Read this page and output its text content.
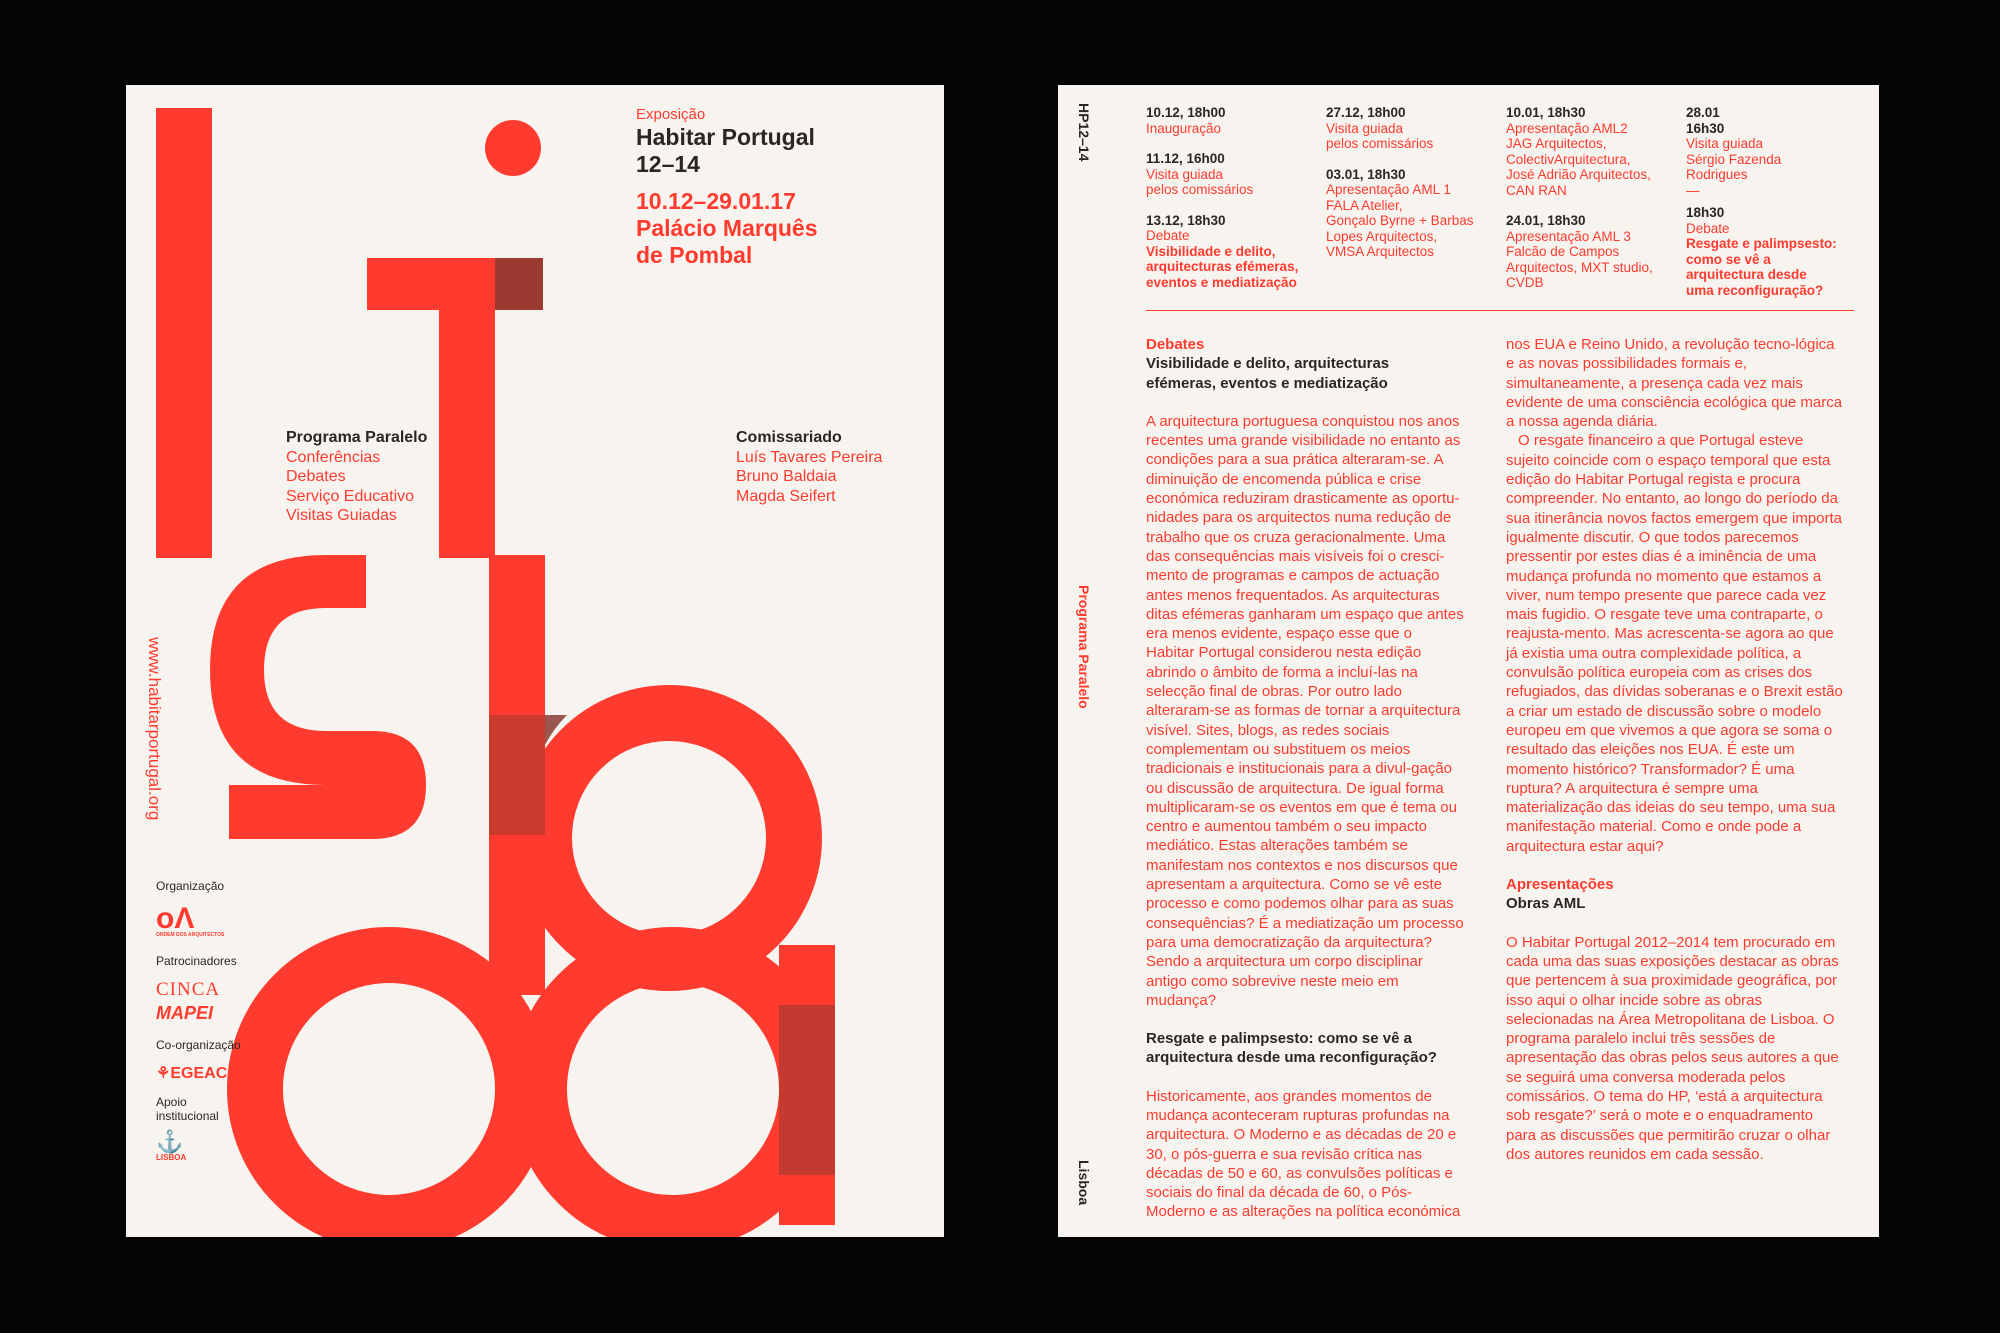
Exposição
Habitar Portugal
12–14
10.12–29.01.17
Palácio Marquês
de Pombal
Programa Paralelo
Conferências
Debates
Serviço Educativo
Visitas Guiadas
Comissariado
Luís Tavares Pereira
Bruno Baldaia
Magda Seifert
www.habitarportugal.org
Organização
oΛ
ORDEM DOS ARQUITECTOS
Patrocinadores
CINCA
MAPEI
Co-organização
⚘EGEAC
Apoio
institucional
⚓
LISBOA
HP12–14
Programa Paralelo
Lisboa
10.12, 18h00
Inauguração
11.12, 16h00
Visita guiada
pelos comissários
13.12, 18h30
Debate
Visibilidade e delito,
arquitecturas efémeras,
eventos e mediatização
27.12, 18h00
Visita guiada
pelos comissários
03.01, 18h30
Apresentação AML 1
FALA Atelier,
Gonçalo Byrne + Barbas
Lopes Arquitectos,
VMSA Arquitectos
10.01, 18h30
Apresentação AML2
JAG Arquitectos,
ColectivArquitectura,
José Adrião Arquitectos,
CAN RAN
24.01, 18h30
Apresentação AML 3
Falcão de Campos
Arquitectos, MXT studio,
CVDB
28.01
16h30
Visita guiada
Sérgio Fazenda
Rodrigues
—
18h30
Debate
Resgate e palimpsesto:
como se vê a
arquitectura desde
uma reconfiguração?
Debates
Visibilidade e delito, arquitecturas
efémeras, eventos e mediatização

A arquitectura portuguesa conquistou nos anos recentes uma grande visibilidade no entanto as condições para a sua prática alteraram-se. A diminuição de encomenda pública e crise económica reduziram drasticamente as oportu-nidades para os arquitectos numa redução de trabalho que os cruza geracionalmente. Uma das consequências mais visíveis foi o cresci-mento de programas e campos de actuação antes menos frequentados. As arquitecturas ditas efémeras ganharam um espaço que antes era menos evidente, espaço esse que o Habitar Portugal considerou nesta edição abrindo o âmbito de forma a incluí-las na selecção final de obras. Por outro lado alteraram-se as formas de tornar a arquitectura visível. Sites, blogs, as redes sociais complementam ou substituem os meios tradicionais e institucionais para a divul-gação ou discussão de arquitectura. De igual forma multiplicaram-se os eventos em que é tema ou centro e aumentou também o seu impacto mediático. Estas alterações também se manifestam nos contextos e nos discursos que apresentam a arquitectura. Como se vê este processo e como podemos olhar para as suas consequências? É a mediatização um processo para uma democratização da arquitectura? Sendo a arquitectura um corpo disciplinar antigo como sobrevive neste meio em mudança?

Resgate e palimpsesto: como se vê a
arquitectura desde uma reconfiguração?

Historicamente, aos grandes momentos de mudança aconteceram rupturas profundas na arquitectura. O Moderno e as décadas de 20 e 30, o pós-guerra e sua revisão crítica nas décadas de 50 e 60, as convulsões políticas e sociais do final da década de 60, o Pós-Moderno e as alterações na política económica

nos EUA e Reino Unido, a revolução tecno-lógica e as novas possibilidades formais e, simultaneamente, a presença cada vez mais evidente de uma consciência ecológica que marca a nossa agenda diária.

O resgate financeiro a que Portugal esteve sujeito coincide com o espaço temporal que esta edição do Habitar Portugal regista e procura compreender. No entanto, ao longo do período da sua itinerância novos factos emergem que importa igualmente discutir. O que todos parecemos pressentir por estes dias é a iminência de uma mudança profunda no momento que estamos a viver, num tempo presente que parece cada vez mais fugidio. O resgate teve uma contraparte, o reajusta-mento. Mas acrescenta-se agora ao que já existia uma outra complexidade política, a convulsão política europeia com as crises dos refugiados, das dívidas soberanas e o Brexit estão a criar um estado de discussão sobre o modelo europeu em que vivemos a que agora se soma o resultado das eleições nos EUA. É este um momento histórico? Transformador? É uma ruptura? A arquitectura é sempre uma materialização das ideias do seu tempo, uma sua manifestação material. Como e onde pode a arquitectura estar aqui?

Apresentações
Obras AML

O Habitar Portugal 2012–2014 tem procurado em cada uma das suas exposições destacar as obras que pertencem à sua proximidade geográfica, por isso aqui o olhar incide sobre as obras selecionadas na Área Metropolitana de Lisboa. O programa paralelo inclui três sessões de apresentação das obras pelos seus autores a que se seguirá uma conversa moderada pelos comissários. O tema do HP, ‘está a arquitectura sob resgate?’ será o mote e o enquadramento para as discussões que permitirão cruzar o olhar dos autores reunidos em cada sessão.
